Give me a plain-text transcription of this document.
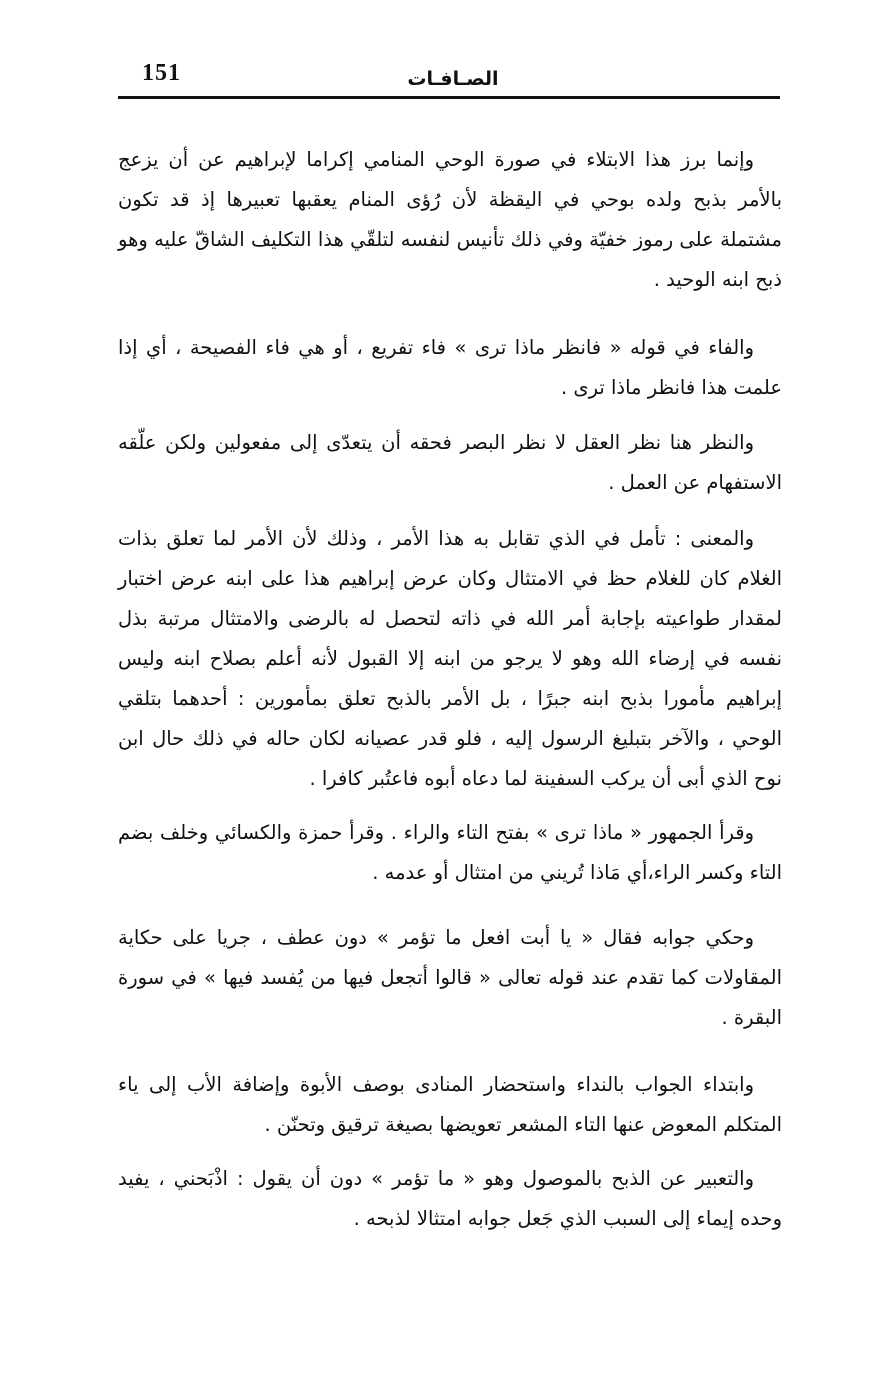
151	الصـافـات

وإنما برز هذا الابتلاء في صورة الوحي المنامي إكراما لإبراهيم عن أن يزعج بالأمر بذبح ولده بوحي في اليقظة لأن رُؤى المنام يعقبها تعبيرها إذ قد تكون مشتملة على رموز خفيّة وفي ذلك تأنيس لنفسه لتلقّي هذا التكليف الشاقّ عليه وهو ذبح ابنه الوحيد .

والفاء في قوله « فانظر ماذا ترى » فاء تفريع ، أو هي فاء الفصيحة ، أي إذا علمت هذا فانظر ماذا ترى .

والنظر هنا نظر العقل لا نظر البصر فحقه أن يتعدّى إلى مفعولين ولكن علّقه الاستفهام عن العمل .

والمعنى : تأمل في الذي تقابل به هذا الأمر ، وذلك لأن الأمر لما تعلق بذات الغلام كان للغلام حظ في الامتثال وكان عرض إبراهيم هذا على ابنه عرض اختبار لمقدار طواعيته بإجابة أمر الله في ذاته لتحصل له بالرضى والامتثال مرتبة بذل نفسه في إرضاء الله وهو لا يرجو من ابنه إلا القبول لأنه أعلم بصلاح ابنه وليس إبراهيم مأمورا بذبح ابنه جبرًا ، بل الأمر بالذبح تعلق بمأمورين : أحدهما بتلقي الوحي ، والآخر بتبليغ الرسول إليه ، فلو قدر عصيانه لكان حاله في ذلك حال ابن نوح الذي أبى أن يركب السفينة لما دعاه أبوه فاعتُبر كافرا .

وقرأ الجمهور « ماذا ترى » بفتح التاء والراء . وقرأ حمزة والكسائي وخلف بضم التاء وكسر الراء،أي مَاذا تُريني من امتثال أو عدمه .

وحكي جوابه فقال « يا أبت افعل ما تؤمر » دون عطف ، جريا على حكاية المقاولات كما تقدم عند قوله تعالى « قالوا أتجعل فيها من يُفسد فيها » في سورة البقرة .

وابتداء الجواب بالنداء واستحضار المنادى بوصف الأبوة وإضافة الأب إلى ياء المتكلم المعوض عنها التاء المشعر تعويضها بصيغة ترقيق وتحنّن .

والتعبير عن الذبح بالموصول وهو « ما تؤمر » دون أن يقول : اذْبَحني ، يفيد وحده إيماء إلى السبب الذي جَعل جوابه امتثالا لذبحه .
